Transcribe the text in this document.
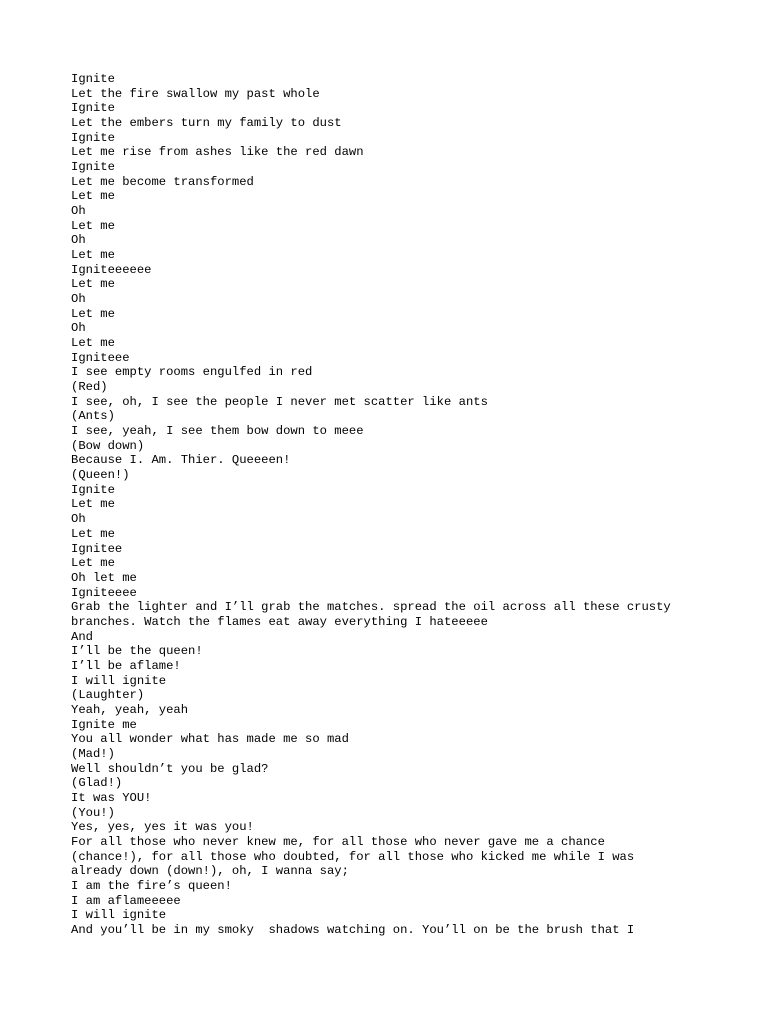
Ignite
Let the fire swallow my past whole
Ignite
Let the embers turn my family to dust
Ignite
Let me rise from ashes like the red dawn
Ignite
Let me become transformed
Let me
Oh
Let me
Oh
Let me
Igniteeeeee
Let me
Oh
Let me
Oh
Let me
Igniteee
I see empty rooms engulfed in red
(Red)
I see, oh, I see the people I never met scatter like ants
(Ants)
I see, yeah, I see them bow down to meee
(Bow down)
Because I. Am. Thier. Queeeen!
(Queen!)
Ignite
Let me
Oh
Let me
Ignitee
Let me
Oh let me
Igniteeee
Grab the lighter and I’ll grab the matches. spread the oil across all these crusty
branches. Watch the flames eat away everything I hateeeee
And
I’ll be the queen!
I’ll be aflame!
I will ignite
(Laughter)
Yeah, yeah, yeah
Ignite me
You all wonder what has made me so mad
(Mad!)
Well shouldn’t you be glad?
(Glad!)
It was YOU!
(You!)
Yes, yes, yes it was you!
For all those who never knew me, for all those who never gave me a chance
(chance!), for all those who doubted, for all those who kicked me while I was
already down (down!), oh, I wanna say;
I am the fire’s queen!
I am aflameeeee
I will ignite
And you’ll be in my smoky  shadows watching on. You’ll on be the brush that I
